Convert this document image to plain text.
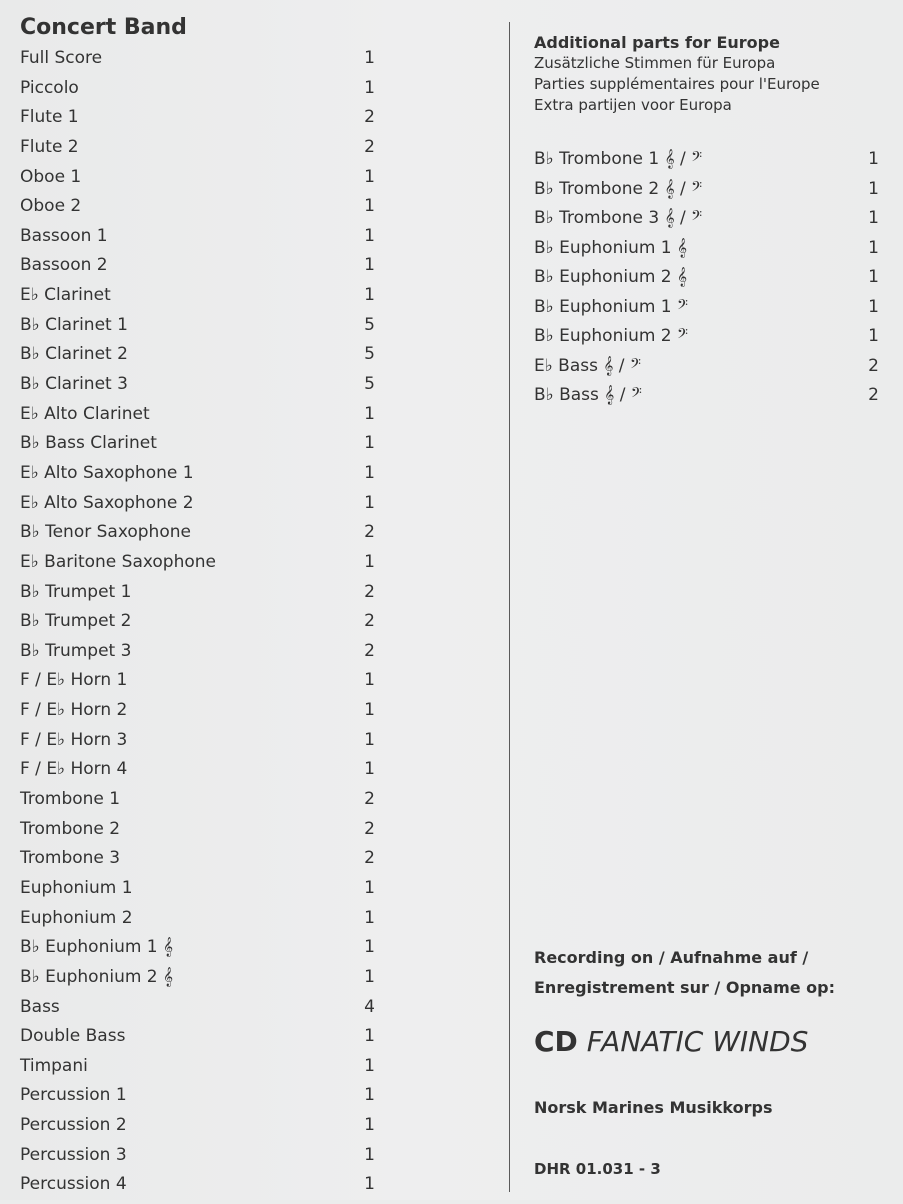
Concert Band
Full Score	1
Piccolo	1
Flute 1	2
Flute 2	2
Oboe 1	1
Oboe 2	1
Bassoon 1	1
Bassoon 2	1
E♭ Clarinet	1
B♭ Clarinet 1	5
B♭ Clarinet 2	5
B♭ Clarinet 3	5
E♭ Alto Clarinet	1
B♭ Bass Clarinet	1
E♭ Alto Saxophone 1	1
E♭ Alto Saxophone 2	1
B♭ Tenor Saxophone	2
E♭ Baritone Saxophone	1
B♭ Trumpet 1	2
B♭ Trumpet 2	2
B♭ Trumpet 3	2
F / E♭ Horn 1	1
F / E♭ Horn 2	1
F / E♭ Horn 3	1
F / E♭ Horn 4	1
Trombone 1	2
Trombone 2	2
Trombone 3	2
Euphonium 1	1
Euphonium 2	1
B♭ Euphonium 1 𝄞	1
B♭ Euphonium 2 𝄞	1
Bass	4
Double Bass	1
Timpani	1
Percussion 1	1
Percussion 2	1
Percussion 3	1
Percussion 4	1
Additional parts for Europe
Zusätzliche Stimmen für Europa
Parties supplémentaires pour l'Europe
Extra partijen voor Europa
B♭ Trombone 1 𝄞 / 𝄢	1
B♭ Trombone 2 𝄞 / 𝄢	1
B♭ Trombone 3 𝄞 / 𝄢	1
B♭ Euphonium 1 𝄞	1
B♭ Euphonium 2 𝄞	1
B♭ Euphonium 1 𝄢	1
B♭ Euphonium 2 𝄢	1
E♭ Bass 𝄞 / 𝄢	2
B♭ Bass 𝄞 / 𝄢	2
Recording on / Aufnahme auf /
Enregistrement sur / Opname op:
CD FANATIC WINDS
Norsk Marines Musikkorps
DHR 01.031 - 3
